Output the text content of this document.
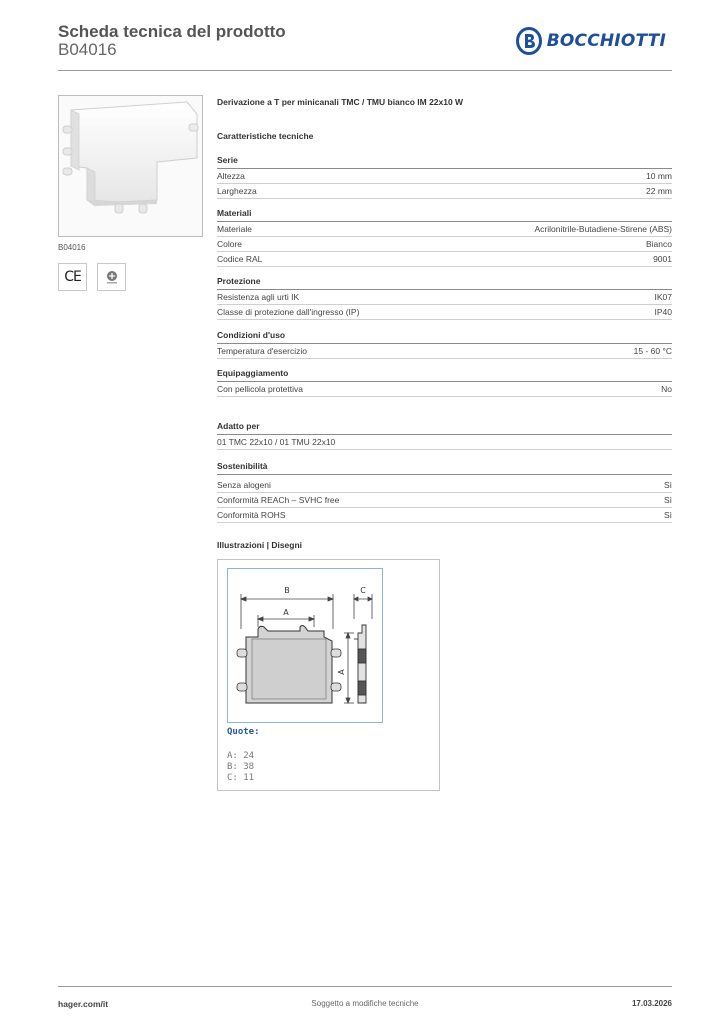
Scheda tecnica del prodotto
B04016	BOCCHIOTTI
B04016
CE
Derivazione a T per minicanali TMC / TMU bianco IM 22x10 W
Caratteristiche tecniche
Serie
Altezza	10 mm
Larghezza	22 mm
Materiali
Materiale	Acrilonitrile-Butadiene-Stirene (ABS)
Colore	Bianco
Codice RAL	9001
Protezione
Resistenza agli urti IK	IK07
Classe di protezione dall'ingresso (IP)	IP40
Condizioni d'uso
Temperatura d'esercizio	15 - 60 °C
Equipaggiamento
Con pellicola protettiva	No
Adatto per
01 TMC 22x10 / 01 TMU 22x10
Sostenibilità
Senza alogeni	Sì
Conformità REACh – SVHC free	Sì
Conformità ROHS	Sì
Illustrazioni | Disegni
B
A
C
A
Quote:
A: 24
B: 38
C: 11
hager.com/it	Soggetto a modifiche tecniche	17.03.2026
